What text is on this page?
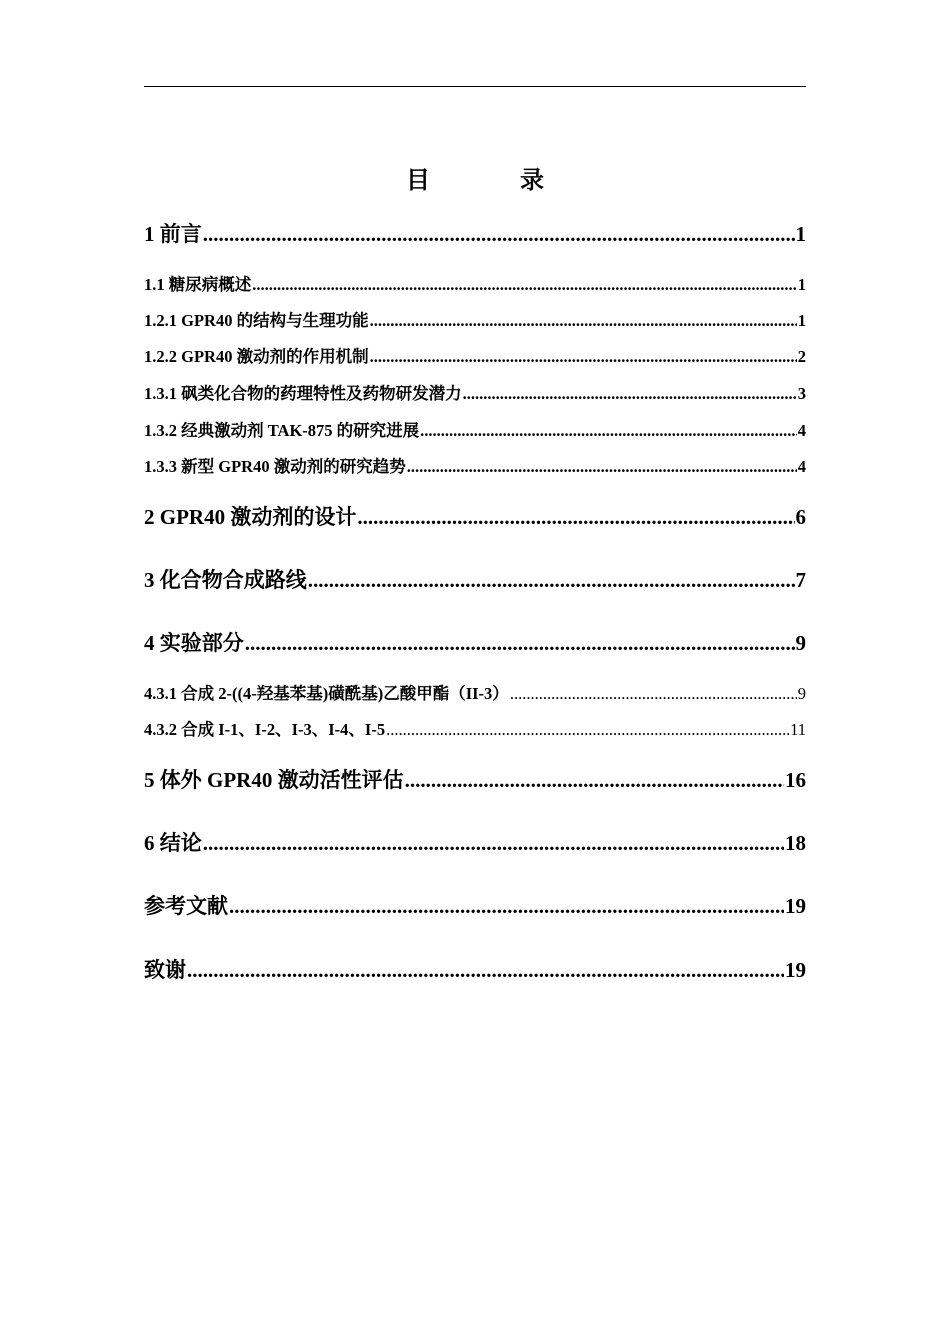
目录
1 前言 .....	1
1.1 糖尿病概述 .....	1
1.2.1 GPR40 的结构与生理功能 .....	1
1.2.2 GPR40 激动剂的作用机制 .....	2
1.3.1 砜类化合物的药理特性及药物研发潜力 .....	3
1.3.2 经典激动剂 TAK-875 的研究进展 .....	4
1.3.3 新型 GPR40 激动剂的研究趋势 .....	4
2 GPR40 激动剂的设计 .....	6
3 化合物合成路线 .....	7
4 实验部分 .....	9
4.3.1 合成 2-((4-羟基苯基)磺酰基)乙酸甲酯（II-3） .....	9
4.3.2 合成 I-1、I-2、I-3、I-4、I-5 .....	11
5 体外 GPR40 激动活性评估 .....	16
6 结论 .....	18
参考文献 .....	19
致谢 .....	19
